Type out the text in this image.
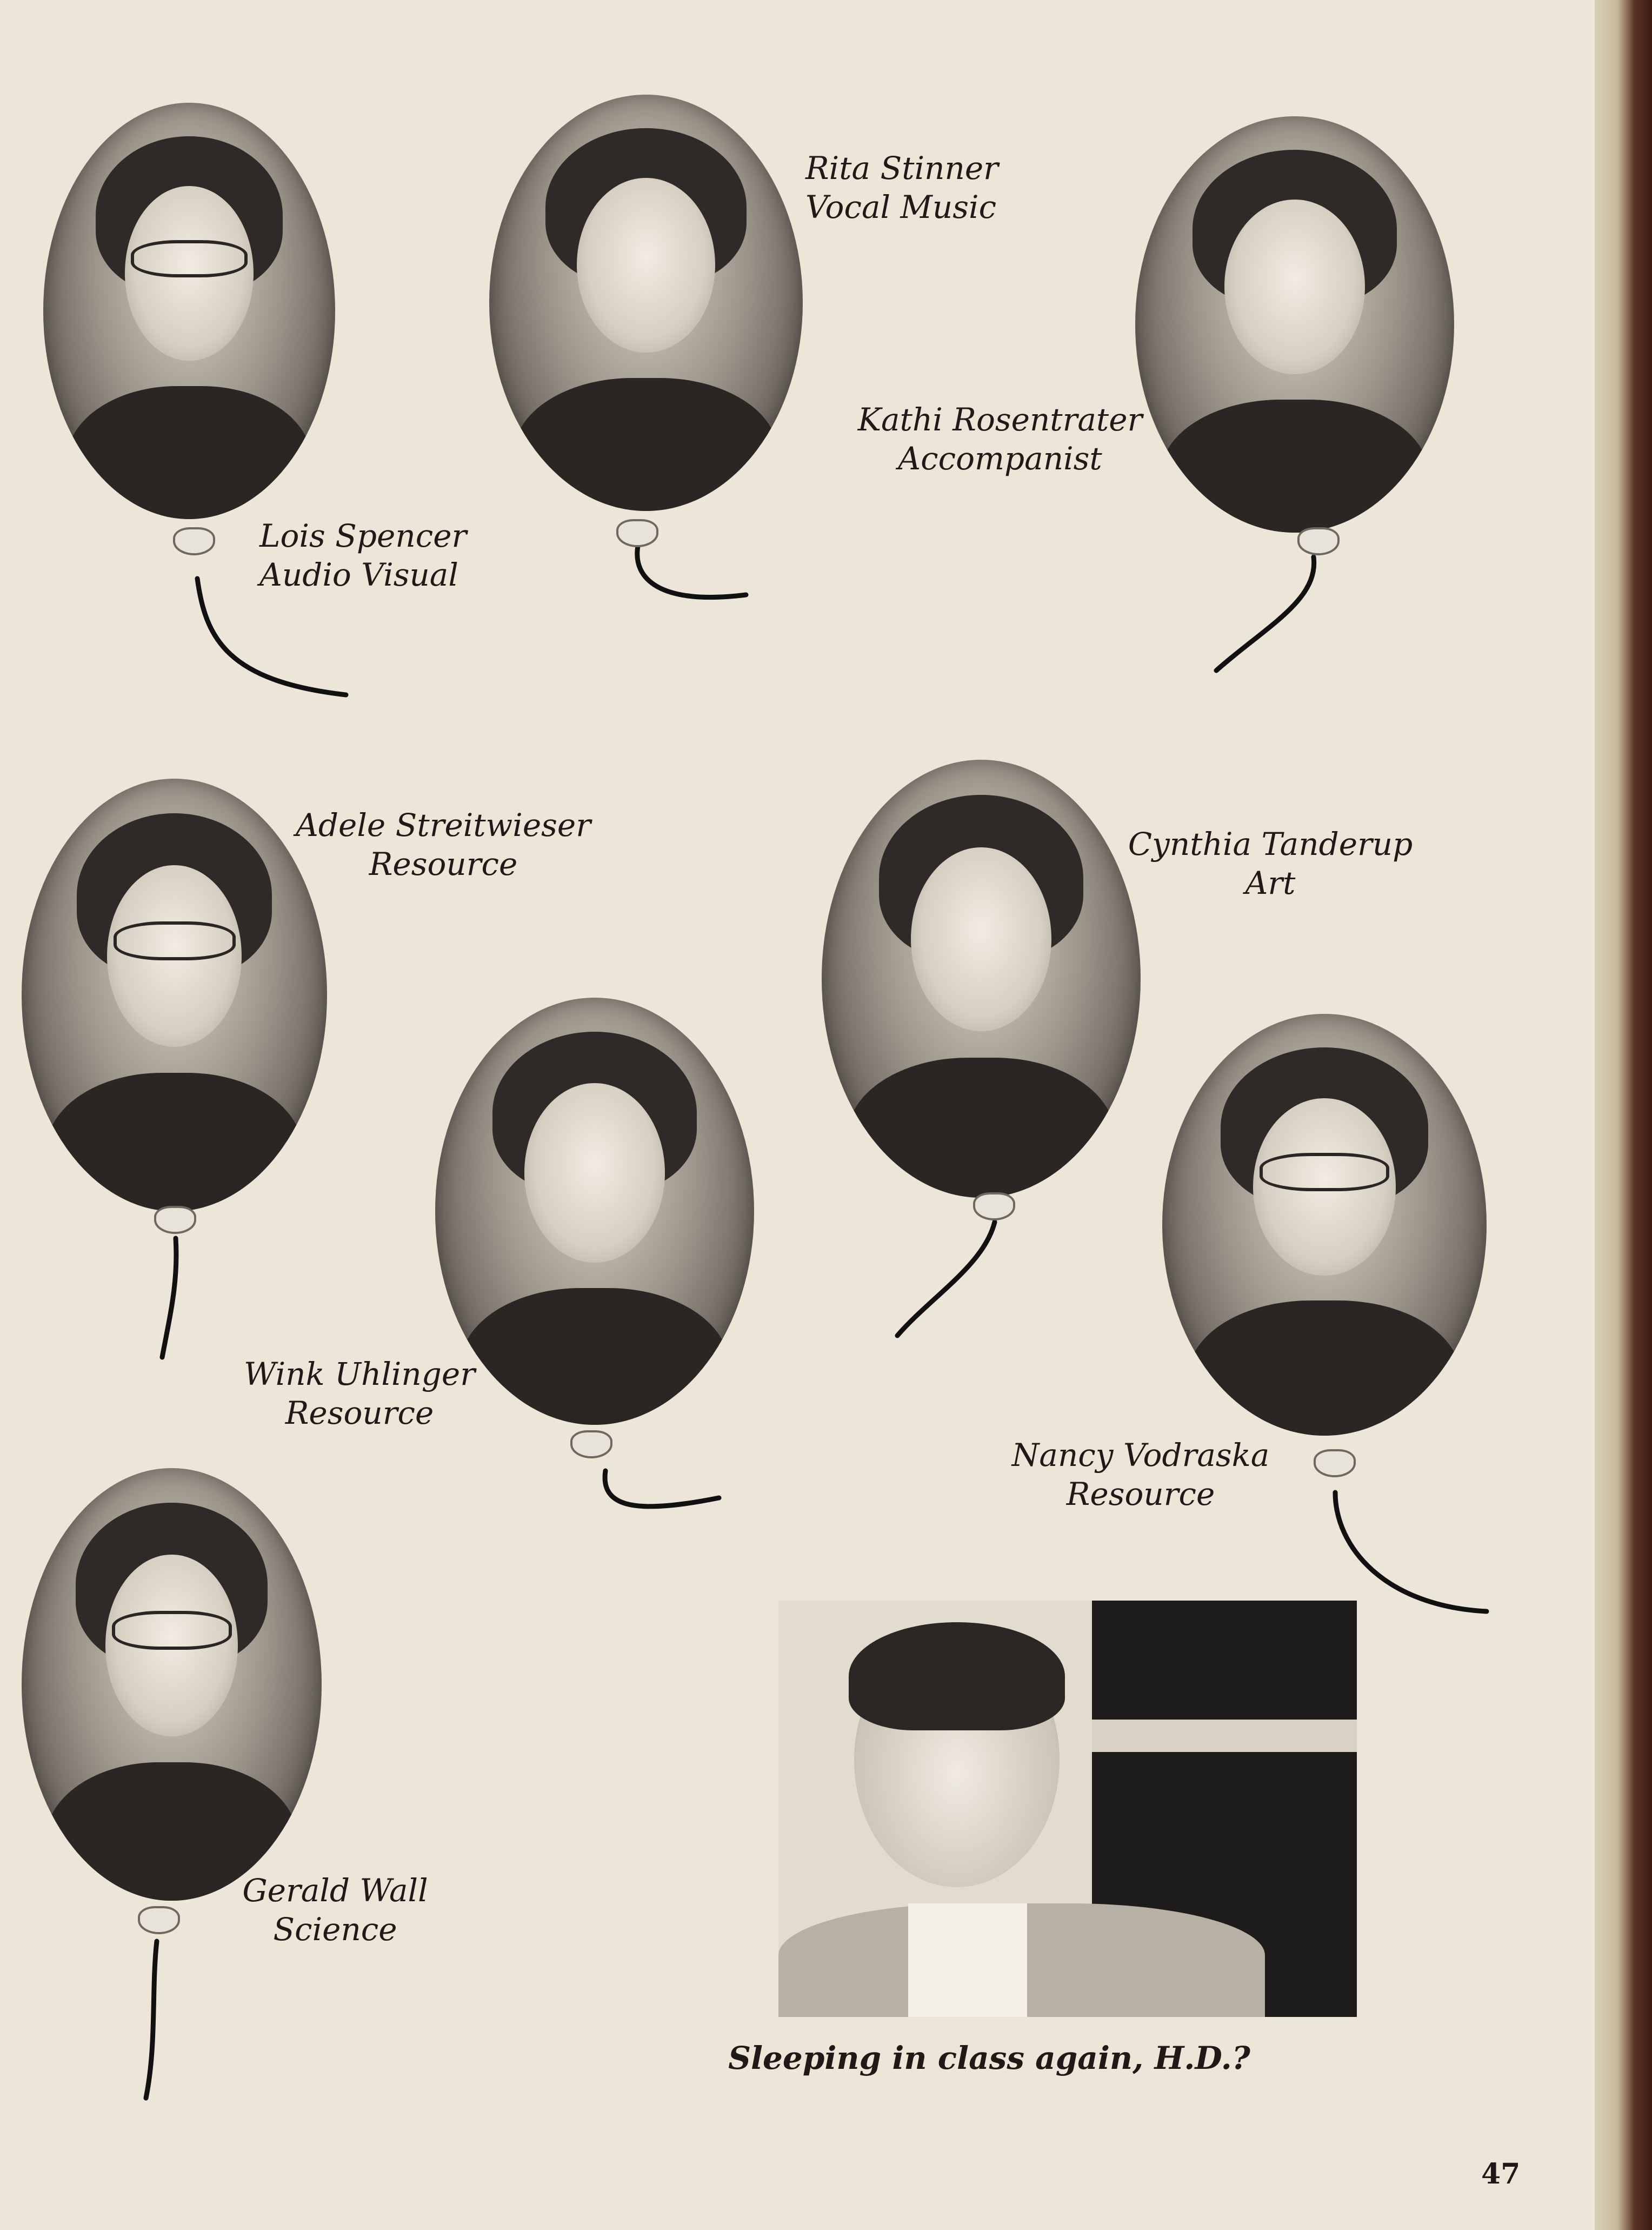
Lois Spencer
Audio Visual
Rita Stinner
Vocal Music
Kathi Rosentrater
Accompanist
Adele Streitwieser
Resource
Cynthia Tanderup
Art
Wink Uhlinger
Resource
Nancy Vodraska
Resource
Gerald Wall
Science
Sleeping in class again, H.D.?
47
